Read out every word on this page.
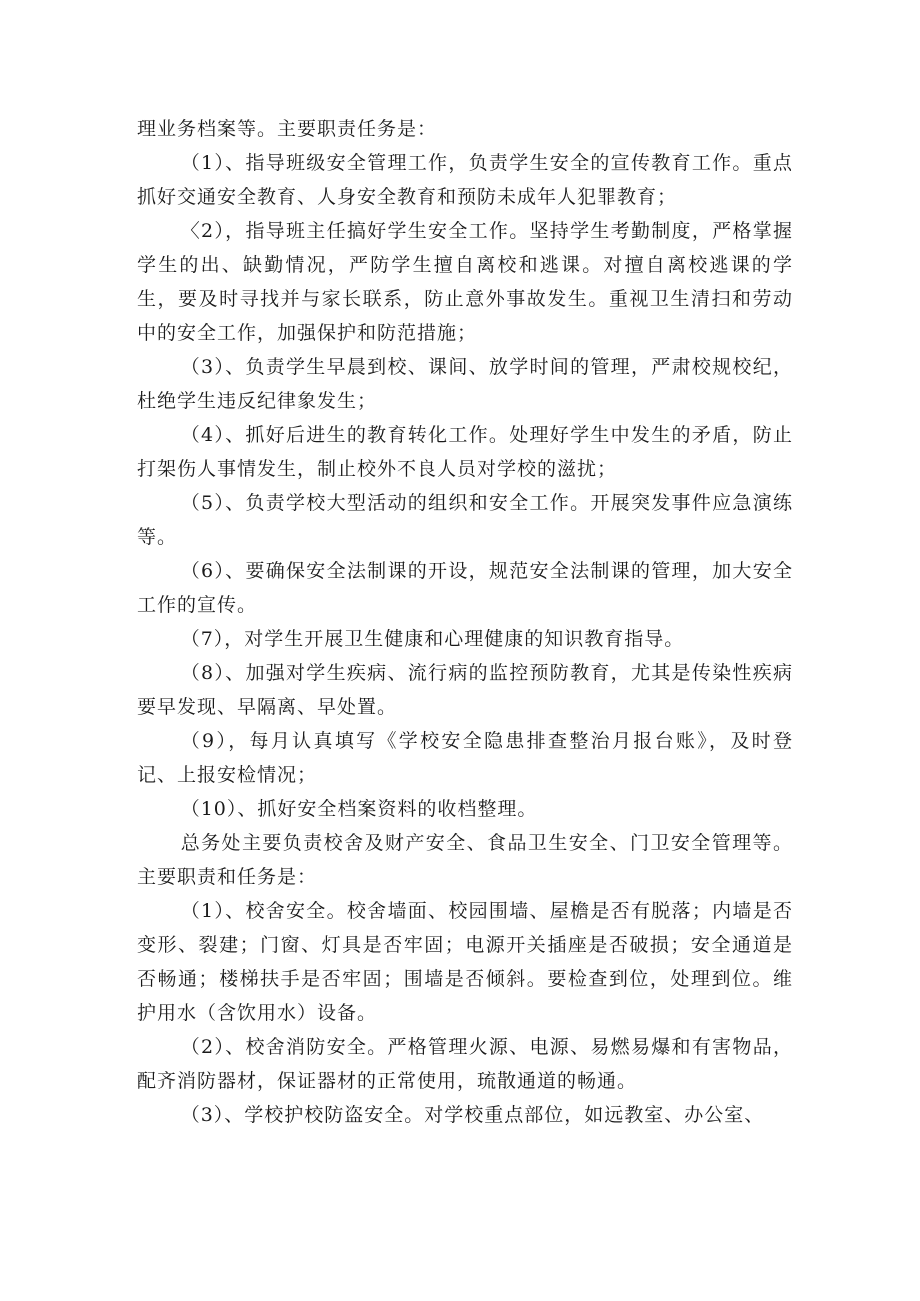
理业务档案等。主要职责任务是：

（1）、指导班级安全管理工作，负责学生安全的宣传教育工作。重点抓好交通安全教育、人身安全教育和预防未成年人犯罪教育；

〈2），指导班主任搞好学生安全工作。坚持学生考勤制度，严格掌握学生的出、缺勤情况，严防学生擅自离校和逃课。对擅自离校逃课的学生，要及时寻找并与家长联系，防止意外事故发生。重视卫生清扫和劳动中的安全工作，加强保护和防范措施；

（3）、负责学生早晨到校、课间、放学时间的管理，严肃校规校纪，杜绝学生违反纪律象发生；

（4）、抓好后进生的教育转化工作。处理好学生中发生的矛盾，防止打架伤人事情发生，制止校外不良人员对学校的滋扰；

（5）、负责学校大型活动的组织和安全工作。开展突发事件应急演练等。

（6）、要确保安全法制课的开设，规范安全法制课的管理，加大安全工作的宣传。

（7），对学生开展卫生健康和心理健康的知识教育指导。

（8）、加强对学生疾病、流行病的监控预防教育，尤其是传染性疾病要早发现、早隔离、早处置。

（9），每月认真填写《学校安全隐患排查整治月报台账》，及时登记、上报安检情况；

（10）、抓好安全档案资料的收档整理。

总务处主要负责校舍及财产安全、食品卫生安全、门卫安全管理等。主要职责和任务是：

（1）、校舍安全。校舍墙面、校园围墙、屋檐是否有脱落；内墙是否变形、裂建；门窗、灯具是否牢固；电源开关插座是否破损；安全通道是否畅通；楼梯扶手是否牢固；围墙是否倾斜。要检查到位，处理到位。维护用水（含饮用水）设备。

（2）、校舍消防安全。严格管理火源、电源、易燃易爆和有害物品，配齐消防器材，保证器材的正常使用，琉散通道的畅通。

（3）、学校护校防盗安全。对学校重点部位，如远教室、办公室、
